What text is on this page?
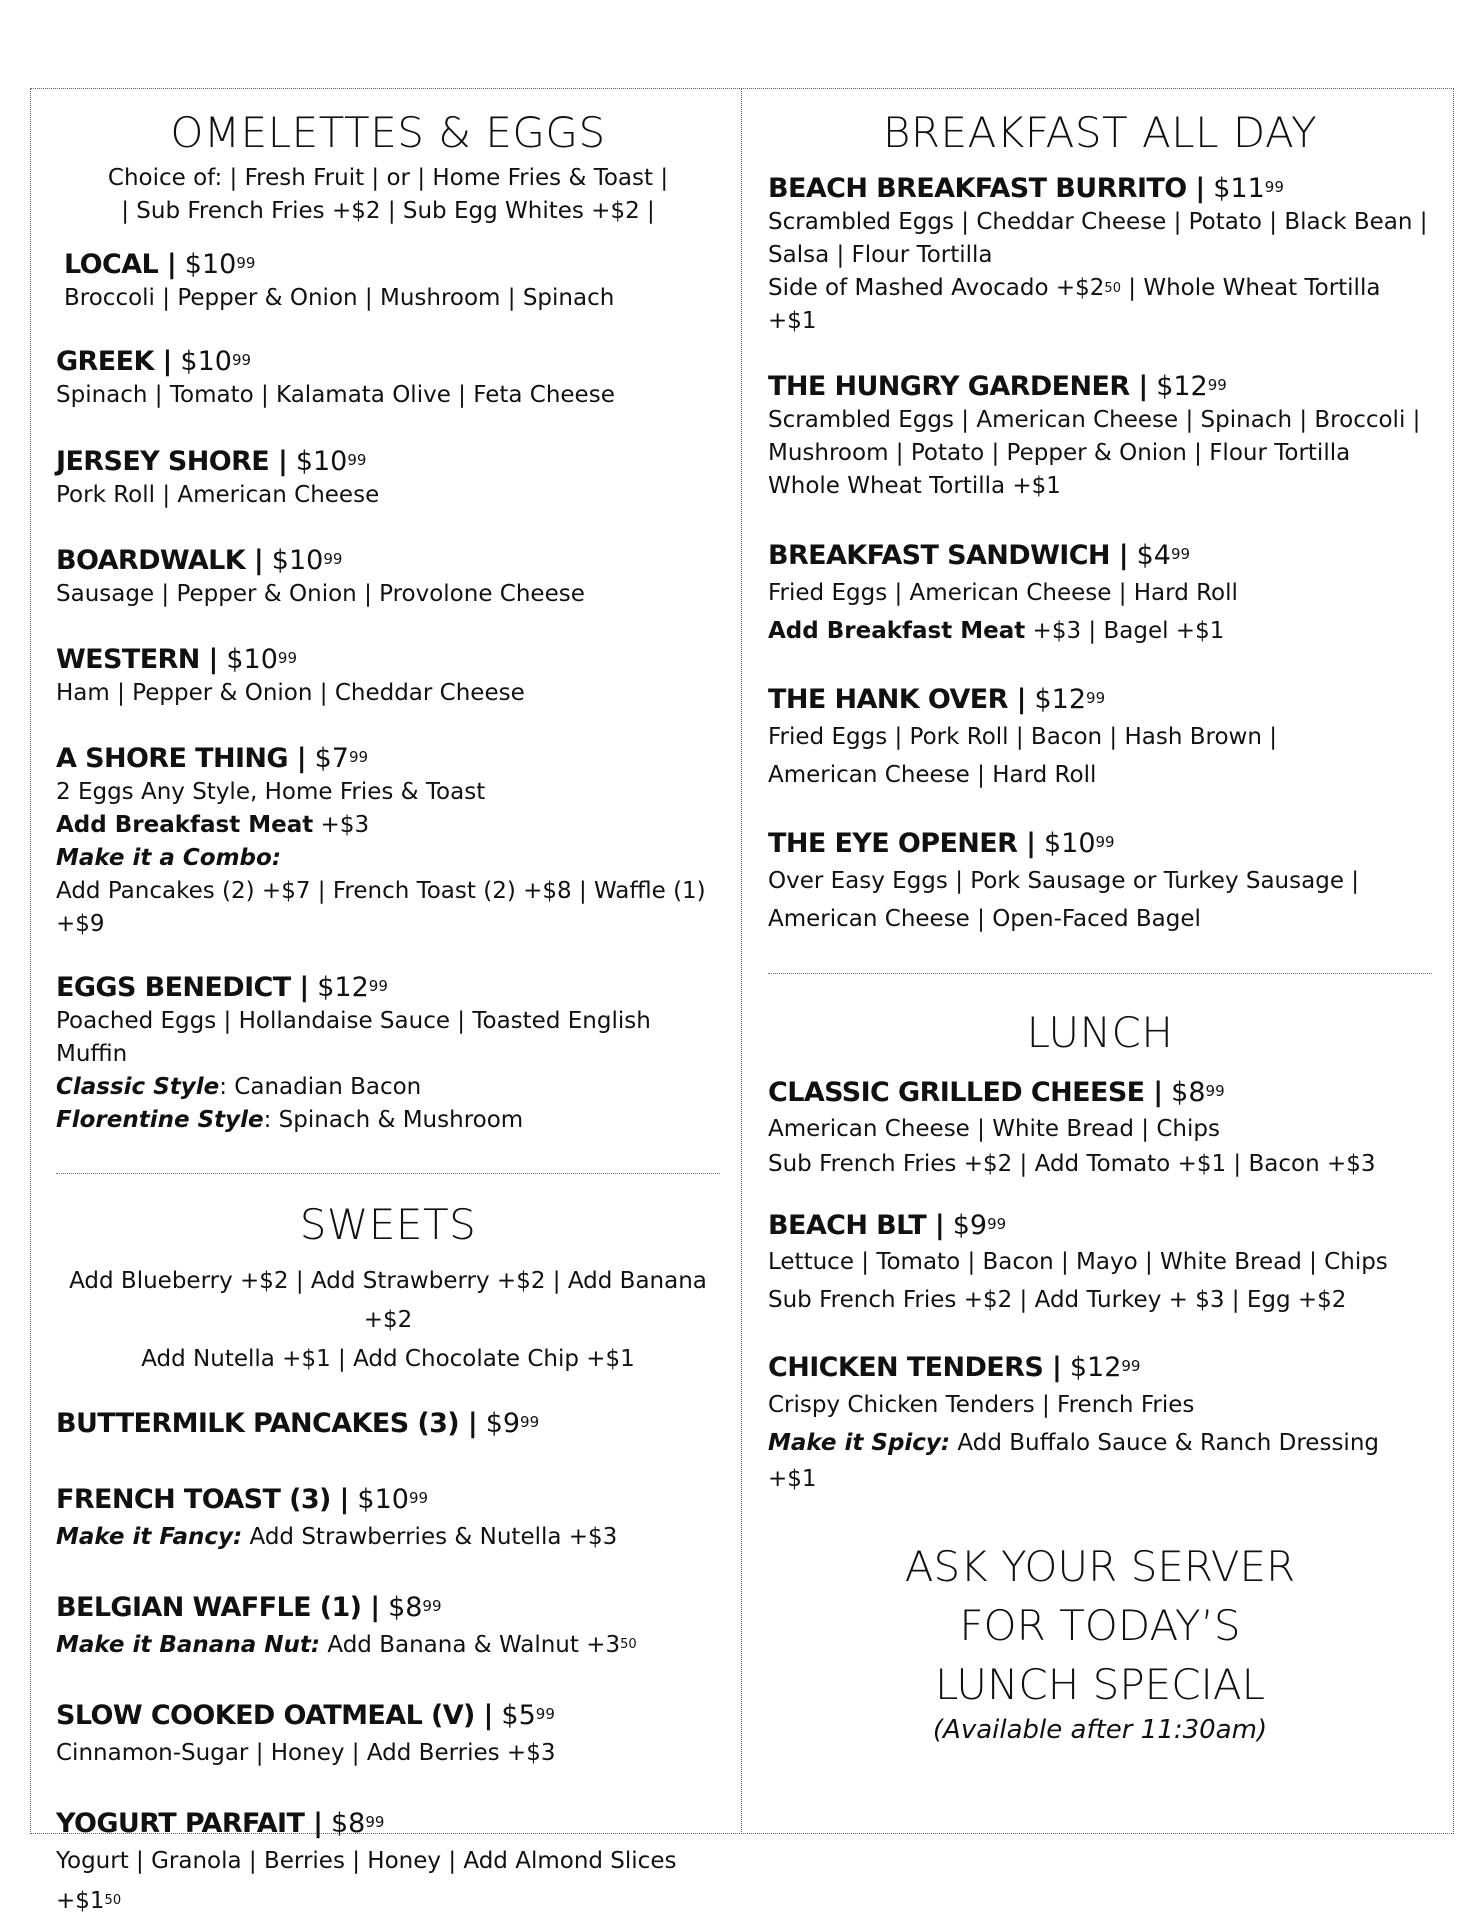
OMELETTES & EGGS
Choice of: | Fresh Fruit | or | Home Fries & Toast |
| Sub French Fries +$2 | Sub Egg Whites +$2 |
LOCAL | $\$10^{99}$
Broccoli | Pepper & Onion | Mushroom | Spinach
GREEK | $\$10^{99}$
Spinach | Tomato | Kalamata Olive | Feta Cheese
JERSEY SHORE | $\$10^{99}$
Pork Roll | American Cheese
BOARDWALK | $\$10^{99}$
Sausage | Pepper & Onion | Provolone Cheese
WESTERN | $\$10^{99}$
Ham | Pepper & Onion | Cheddar Cheese
A SHORE THING | $\$7^{99}$
2 Eggs Any Style, Home Fries & Toast
Add Breakfast Meat +$3
Make it a Combo:
Add Pancakes (2) +$7 | French Toast (2) +$8 | Waffle (1) +$9
EGGS BENEDICT | $\$12^{99}$
Poached Eggs | Hollandaise Sauce | Toasted English Muffin
Classic Style: Canadian Bacon
Florentine Style: Spinach & Mushroom
SWEETS
Add Blueberry +$2 | Add Strawberry +$2 | Add Banana +$2
Add Nutella +$1 | Add Chocolate Chip +$1
BUTTERMILK PANCAKES (3) | $\$9^{99}$
FRENCH TOAST (3) | $\$10^{99}$
Make it Fancy: Add Strawberries & Nutella +$3
BELGIAN WAFFLE (1) | $\$8^{99}$
Make it Banana Nut: Add Banana & Walnut $+3^{50}$
SLOW COOKED OATMEAL (V) | $\$5^{99}$
Cinnamon-Sugar | Honey | Add Berries +$3
YOGURT PARFAIT | $\$8^{99}$
Yogurt | Granola | Berries | Honey | Add Almond Slices $+\$1^{50}$
BREAKFAST ALL DAY
BEACH BREAKFAST BURRITO | $\$11^{99}$
Scrambled Eggs | Cheddar Cheese | Potato | Black Bean |
Salsa | Flour Tortilla
Side of Mashed Avocado $+\$2^{50}$ | Whole Wheat Tortilla +$1
THE HUNGRY GARDENER | $\$12^{99}$
Scrambled Eggs | American Cheese | Spinach | Broccoli |
Mushroom | Potato | Pepper & Onion | Flour Tortilla
Whole Wheat Tortilla +$1
BREAKFAST SANDWICH | $\$4^{99}$
Fried Eggs | American Cheese | Hard Roll
Add Breakfast Meat +$3 | Bagel +$1
THE HANK OVER | $\$12^{99}$
Fried Eggs | Pork Roll | Bacon | Hash Brown |
American Cheese | Hard Roll
THE EYE OPENER | $\$10^{99}$
Over Easy Eggs | Pork Sausage or Turkey Sausage |
American Cheese | Open-Faced Bagel
LUNCH
CLASSIC GRILLED CHEESE | $\$8^{99}$
American Cheese | White Bread | Chips
Sub French Fries +$2 | Add Tomato +$1 | Bacon +$3
BEACH BLT | $\$9^{99}$
Lettuce | Tomato | Bacon | Mayo | White Bread | Chips
Sub French Fries +$2 | Add Turkey + $3 | Egg +$2
CHICKEN TENDERS | $\$12^{99}$
Crispy Chicken Tenders | French Fries
Make it Spicy: Add Buffalo Sauce & Ranch Dressing +$1
ASK YOUR SERVER
FOR TODAY’S
LUNCH SPECIAL
(Available after 11:30am)
